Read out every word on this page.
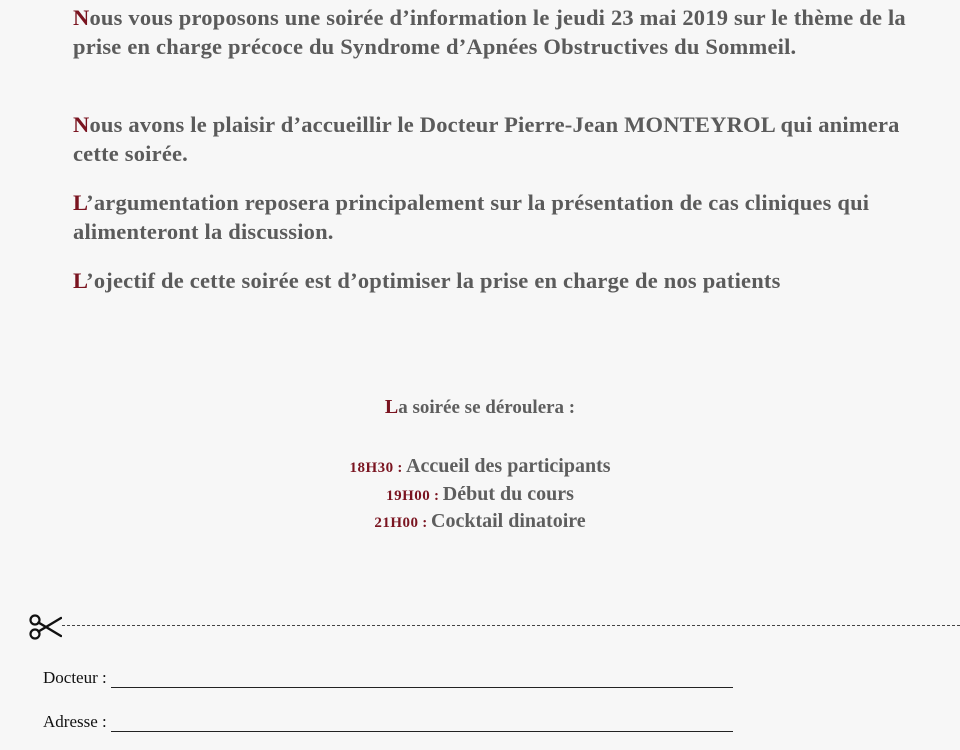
Nous vous proposons une soirée d’information le jeudi 23 mai 2019 sur le thème de la prise en charge précoce du Syndrome d’Apnées Obstructives du Sommeil.

Nous avons le plaisir d’accueillir le Docteur Pierre-Jean MONTEYROL qui animera cette soirée.

L’argumentation reposera principalement sur la présentation de cas cliniques qui alimenteront la discussion.

L’ojectif de cette soirée est d’optimiser la prise en charge de nos patients

La soirée se déroulera :
18H30 : Accueil des participants
19H00 : Début du cours
21H00 : Cocktail dinatoire
Docteur :
Adresse :
